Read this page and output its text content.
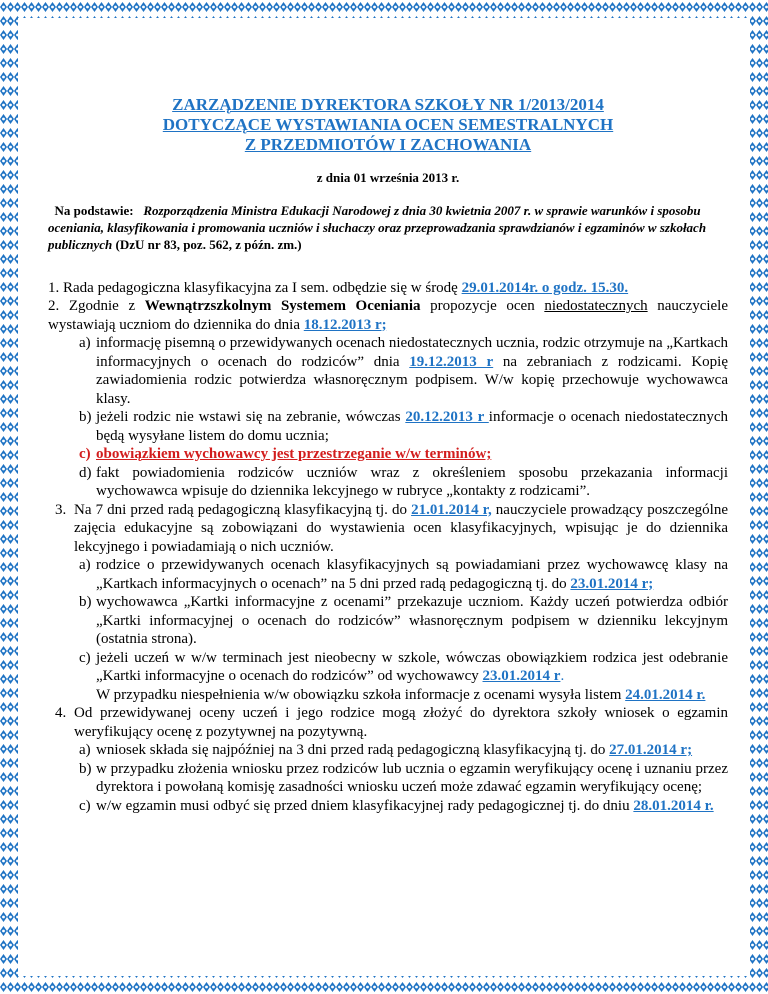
ZARZĄDZENIE DYREKTORA SZKOŁY NR 1/2013/2014
DOTYCZĄCE WYSTAWIANIA OCEN SEMESTRALNYCH
Z PRZEDMIOTÓW I ZACHOWANIA

z dnia 01 września 2013 r.

Na podstawie: Rozporządzenia Ministra Edukacji Narodowej z dnia 30 kwietnia 2007 r. w sprawie warunków i sposobu oceniania, klasyfikowania i promowania uczniów i słuchaczy oraz przeprowadzania sprawdzianów i egzaminów w szkołach publicznych (DzU nr 83, poz. 562, z późn. zm.)

1. Rada pedagogiczna klasyfikacyjna za I sem. odbędzie się w środę 29.01.2014r. o godz. 15.30.

2. Zgodnie z Wewnątrzszkolnym Systemem Oceniania propozycje ocen niedostatecznych nauczyciele wystawiają uczniom do dziennika do dnia 18.12.2013 r;

a) informację pisemną o przewidywanych ocenach niedostatecznych ucznia, rodzic otrzymuje na „Kartkach informacyjnych o ocenach do rodziców” dnia 19.12.2013 r na zebraniach z rodzicami. Kopię zawiadomienia rodzic potwierdza własnoręcznym podpisem. W/w kopię przechowuje wychowawca klasy.

b) jeżeli rodzic nie wstawi się na zebranie, wówczas 20.12.2013 r informacje o ocenach niedostatecznych będą wysyłane listem do domu ucznia;

c) obowiązkiem wychowawcy jest przestrzeganie w/w terminów;

d) fakt powiadomienia rodziców uczniów wraz z określeniem sposobu przekazania informacji wychowawca wpisuje do dziennika lekcyjnego w rubryce „kontakty z rodzicami”.

3. Na 7 dni przed radą pedagogiczną klasyfikacyjną tj. do 21.01.2014 r, nauczyciele prowadzący poszczególne zajęcia edukacyjne są zobowiązani do wystawienia ocen klasyfikacyjnych, wpisując je do dziennika lekcyjnego i powiadamiają o nich uczniów.

a) rodzice o przewidywanych ocenach klasyfikacyjnych są powiadamiani przez wychowawcę klasy na „Kartkach informacyjnych o ocenach” na 5 dni przed radą pedagogiczną tj. do 23.01.2014 r;

b) wychowawca „Kartki informacyjne z ocenami” przekazuje uczniom. Każdy uczeń potwierdza odbiór „Kartki informacyjnej o ocenach do rodziców” własnoręcznym podpisem w dzienniku lekcyjnym (ostatnia strona).

c) jeżeli uczeń w w/w terminach jest nieobecny w szkole, wówczas obowiązkiem rodzica jest odebranie „Kartki informacyjne o ocenach do rodziców” od wychowawcy 23.01.2014 r.

W przypadku niespełnienia w/w obowiązku szkoła informacje z ocenami wysyła listem 24.01.2014 r.

4. Od przewidywanej oceny uczeń i jego rodzice mogą złożyć do dyrektora szkoły wniosek o egzamin weryfikujący ocenę z pozytywnej na pozytywną.

a) wniosek składa się najpóźniej na 3 dni przed radą pedagogiczną klasyfikacyjną tj. do 27.01.2014 r;

b) w przypadku złożenia wniosku przez rodziców lub ucznia o egzamin weryfikujący ocenę i uznaniu przez dyrektora i powołaną komisję zasadności wniosku uczeń może zdawać egzamin weryfikujący ocenę;

c) w/w egzamin musi odbyć się przed dniem klasyfikacyjnej rady pedagogicznej tj. do dniu 28.01.2014 r.
